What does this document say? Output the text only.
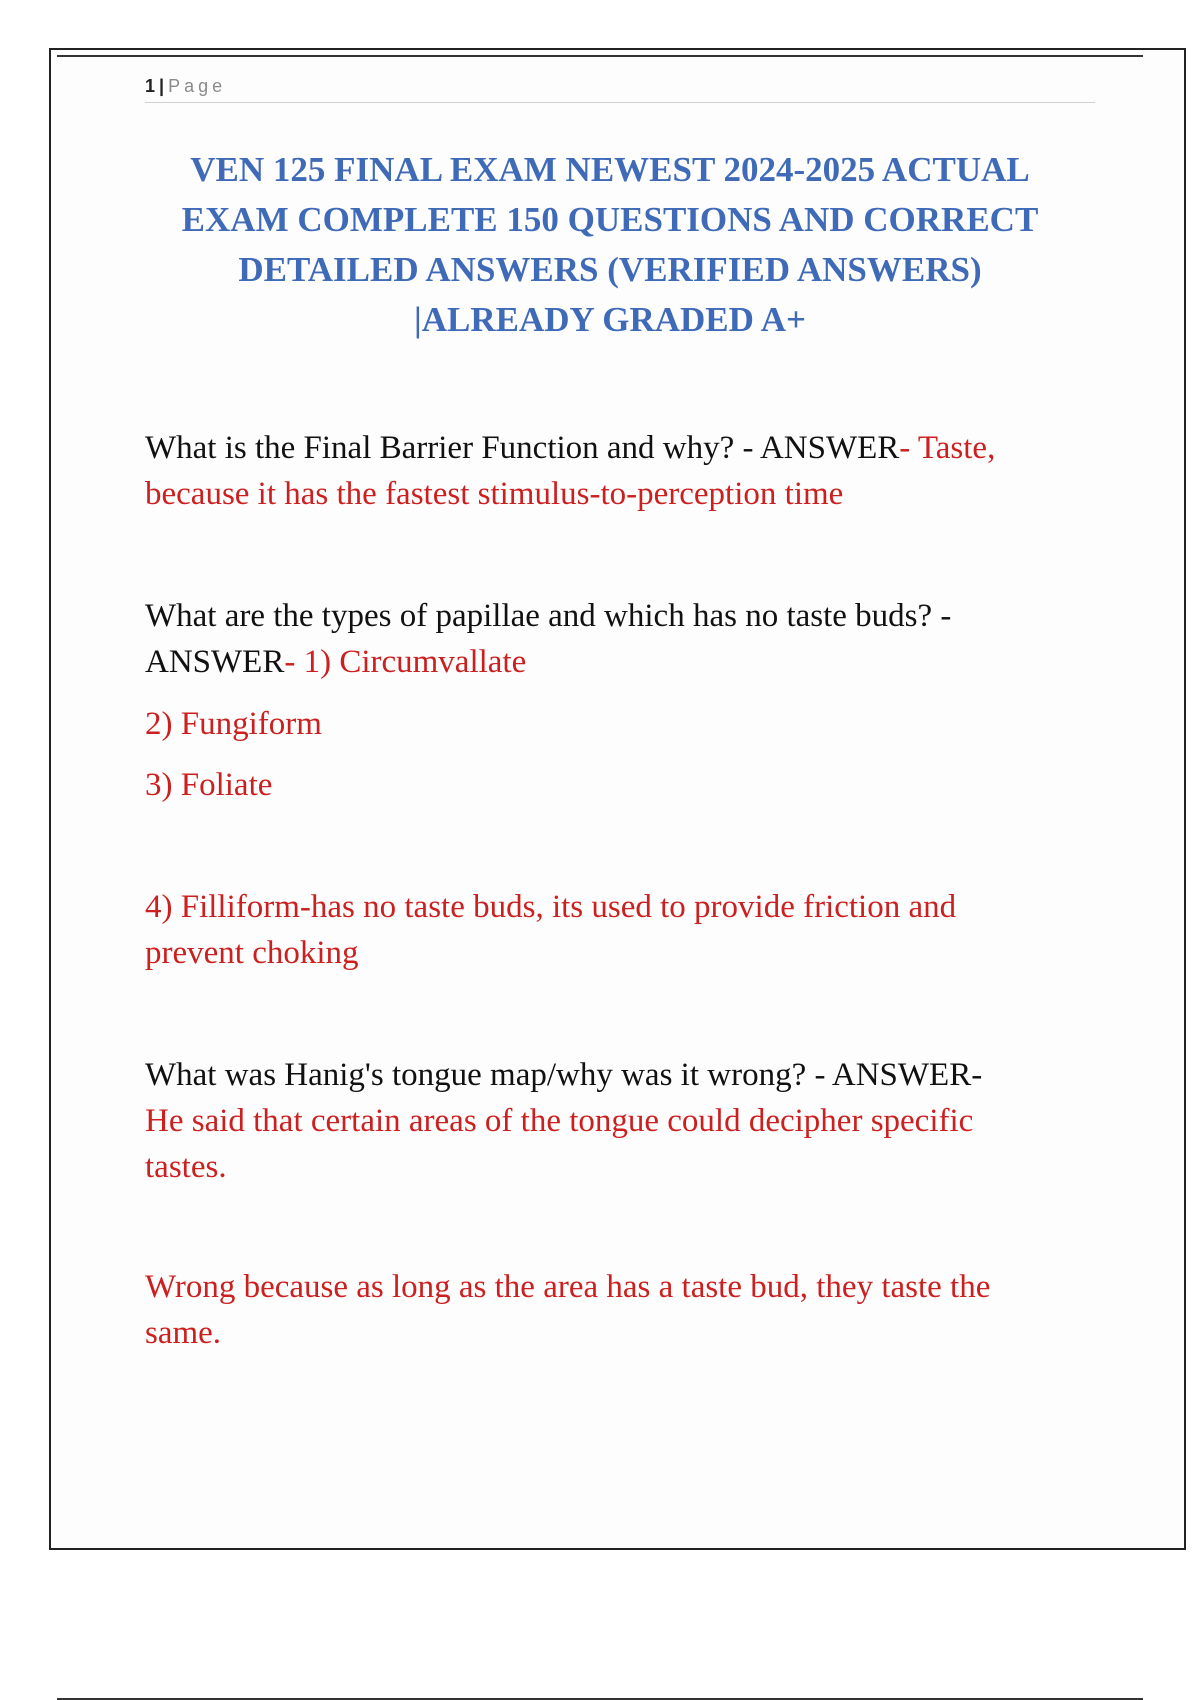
1 | Page
VEN 125 FINAL EXAM NEWEST 2024-2025 ACTUAL
EXAM COMPLETE 150 QUESTIONS AND CORRECT
DETAILED ANSWERS (VERIFIED ANSWERS)
|ALREADY GRADED A+
What is the Final Barrier Function and why? - ANSWER- Taste,
because it has the fastest stimulus-to-perception time
What are the types of papillae and which has no taste buds? -
ANSWER- 1) Circumvallate
2) Fungiform
3) Foliate
4) Filliform-has no taste buds, its used to provide friction and
prevent choking
What was Hanig's tongue map/why was it wrong? - ANSWER-
He said that certain areas of the tongue could decipher specific
tastes.
Wrong because as long as the area has a taste bud, they taste the
same.
